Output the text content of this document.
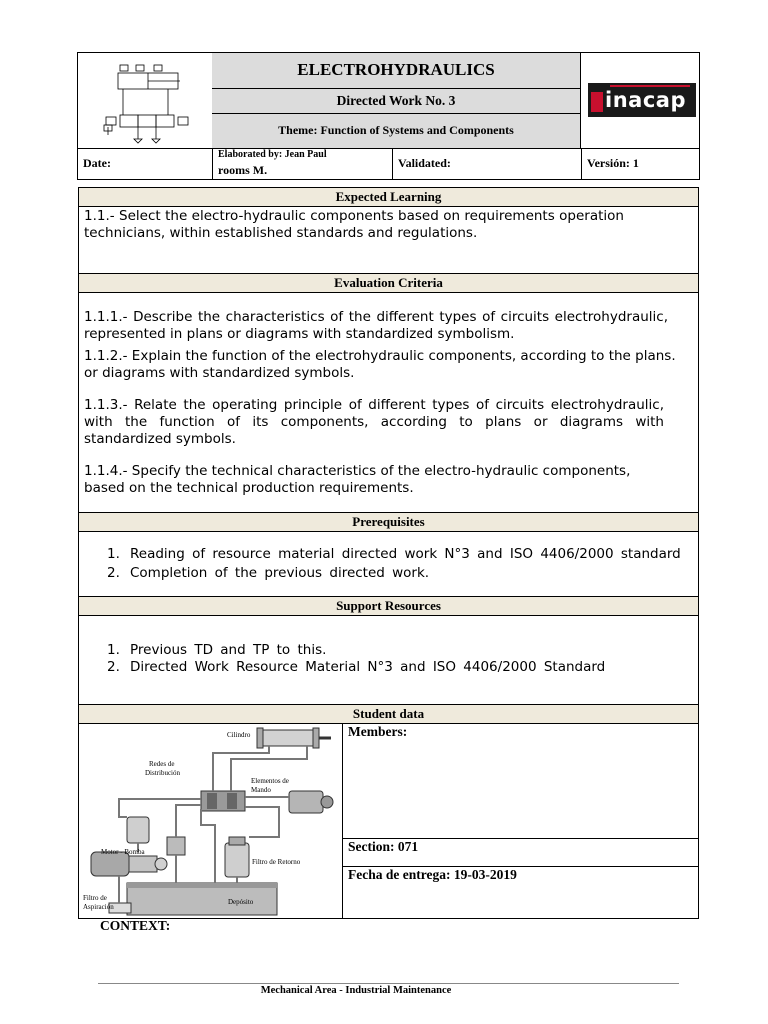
ELECTROHYDRAULICS
Directed Work No. 3
Theme: Function of Systems and Components
inacap
Date:
Elaborated by: Jean Paul
rooms M.	Validated:	Versión: 1
Expected Learning
1.1.- Select the electro-hydraulic components based on requirements operation technicians, within established standards and regulations.
Evaluation Criteria
1.1.1.- Describe the characteristics of the different types of circuits electrohydraulic, represented in plans or diagrams with standardized symbolism.
1.1.2.- Explain the function of the electrohydraulic components, according to the plans. or diagrams with standardized symbols.
1.1.3.- Relate the operating principle of different types of circuits electrohydraulic, with the function of its components, according to plans or diagrams with standardized symbols.
1.1.4.- Specify the technical characteristics of the electro-hydraulic components, based on the technical production requirements.
Prerequisites
1. Reading of resource material directed work N°3 and ISO 4406/2000 standard
2. Completion of the previous directed work.
Support Resources
1. Previous TD and TP to this.
2. Directed Work Resource Material N°3 and ISO 4406/2000 Standard
Student data
Members:
Section: 071
Fecha de entrega: 19-03-2019
Cilindro
Redes de
Distribución
Elementos de
Mando
Motor - Bomba
Filtro de Retorno
Filtro de
Aspiración
Depósito
CONTEXT:
Mechanical Area - Industrial Maintenance
